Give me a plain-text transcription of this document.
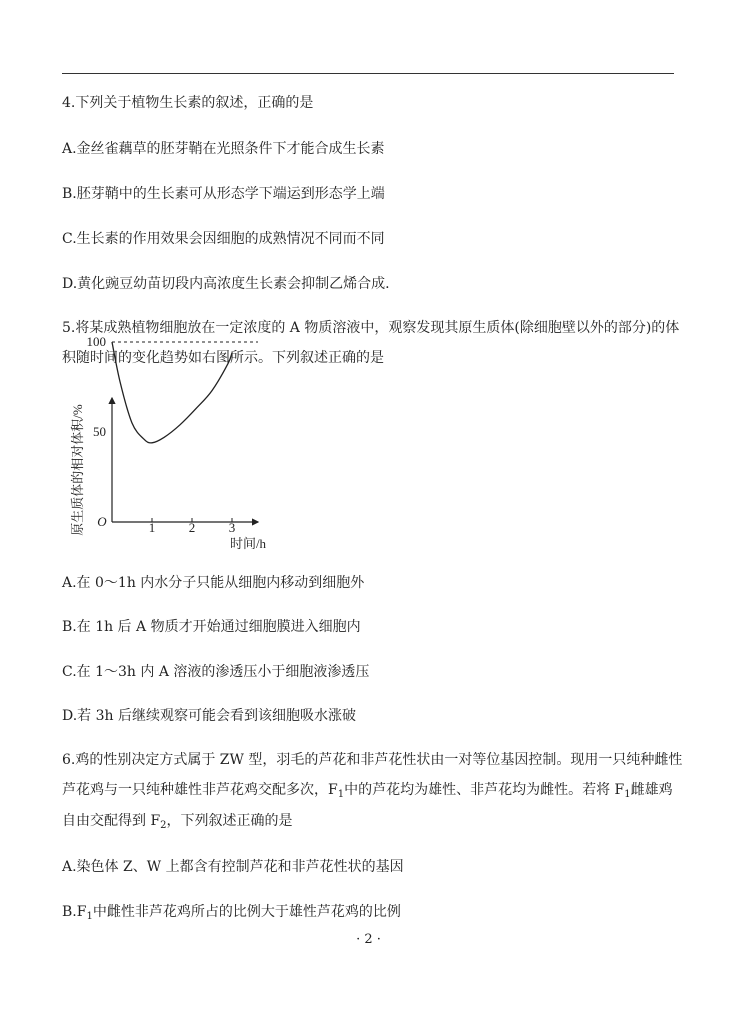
4.下列关于植物生长素的叙述，正确的是
A.金丝雀藕草的胚芽鞘在光照条件下才能合成生长素
B.胚芽鞘中的生长素可从形态学下端运到形态学上端
C.生长素的作用效果会因细胞的成熟情况不同而不同
D.黄化豌豆幼苗切段内高浓度生长素会抑制乙烯合成.
5.将某成熟植物细胞放在一定浓度的 A 物质溶液中，观察发现其原生质体(除细胞壁以外的部分)的体
积随时间的变化趋势如右图所示。下列叙述正确的是
原生质体的相对体积/% O
50
100
1	2	3
时间/h
A.在 0～1h 内水分子只能从细胞内移动到细胞外
B.在 1h 后 A 物质才开始通过细胞膜进入细胞内
C.在 1～3h 内 A 溶液的渗透压小于细胞液渗透压
D.若 3h 后继续观察可能会看到该细胞吸水涨破
6.鸡的性别决定方式属于 ZW 型，羽毛的芦花和非芦花性状由一对等位基因控制。现用一只纯种雌性
芦花鸡与一只纯种雄性非芦花鸡交配多次，$F_1$中的芦花均为雄性、非芦花均为雌性。若将 $F_1$雌雄鸡
自由交配得到 $F_2$，下列叙述正确的是
A.染色体 Z、W 上都含有控制芦花和非芦花性状的基因
$B.F_1$中雌性非芦花鸡所占的比例大于雄性芦花鸡的比例
· 2 ·
